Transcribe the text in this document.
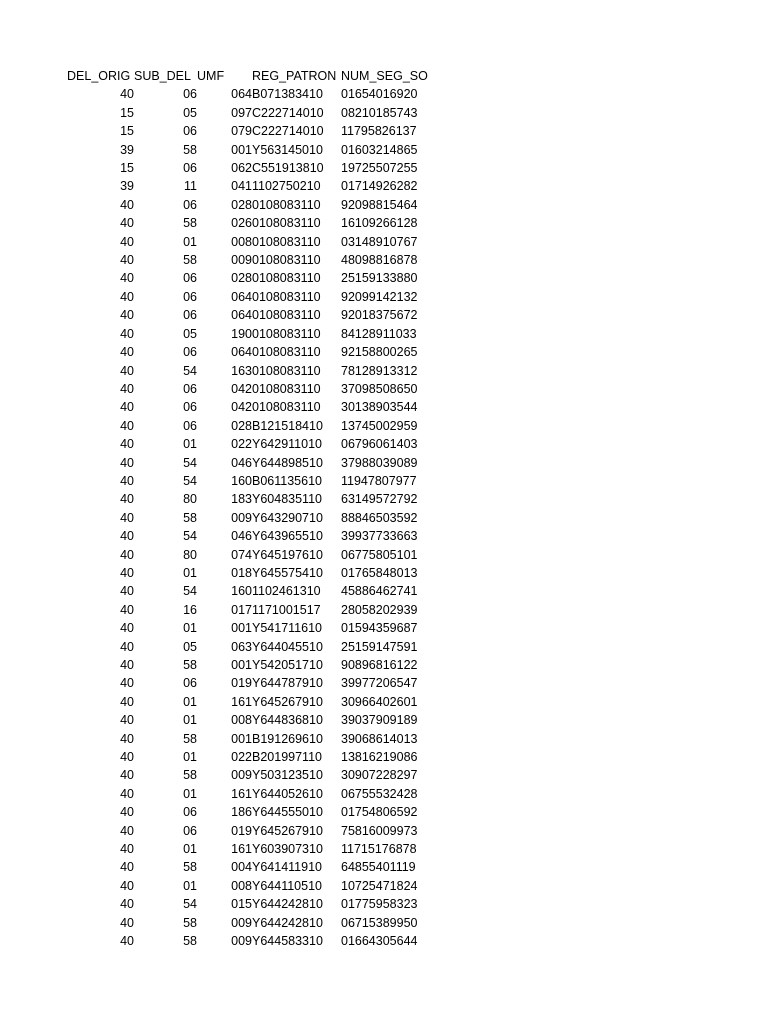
	DEL_ORIG	SUB_DEL	UMF	REG_PATRON	NUM_SEG_SO
	40	06	064	B071383410	01654016920
	15	05	097	C222714010	08210185743
	15	06	079	C222714010	11795826137
	39	58	001	Y563145010	01603214865
	15	06	062	C551913810	19725507255
	39	11	041	1102750210	01714926282
	40	06	028	0108083110	92098815464
	40	58	026	0108083110	16109266128
	40	01	008	0108083110	03148910767
	40	58	009	0108083110	48098816878
	40	06	028	0108083110	25159133880
	40	06	064	0108083110	92099142132
	40	06	064	0108083110	92018375672
	40	05	190	0108083110	84128911033
	40	06	064	0108083110	92158800265
	40	54	163	0108083110	78128913312
	40	06	042	0108083110	37098508650
	40	06	042	0108083110	30138903544
	40	06	028	B121518410	13745002959
	40	01	022	Y642911010	06796061403
	40	54	046	Y644898510	37988039089
	40	54	160	B061135610	11947807977
	40	80	183	Y604835110	63149572792
	40	58	009	Y643290710	88846503592
	40	54	046	Y643965510	39937733663
	40	80	074	Y645197610	06775805101
	40	01	018	Y645575410	01765848013
	40	54	160	1102461310	45886462741
	40	16	017	1171001517	28058202939
	40	01	001	Y541711610	01594359687
	40	05	063	Y644045510	25159147591
	40	58	001	Y542051710	90896816122
	40	06	019	Y644787910	39977206547
	40	01	161	Y645267910	30966402601
	40	01	008	Y644836810	39037909189
	40	58	001	B191269610	39068614013
	40	01	022	B201997110	13816219086
	40	58	009	Y503123510	30907228297
	40	01	161	Y644052610	06755532428
	40	06	186	Y644555010	01754806592
	40	06	019	Y645267910	75816009973
	40	01	161	Y603907310	11715176878
	40	58	004	Y641411910	64855401119
	40	01	008	Y644110510	10725471824
	40	54	015	Y644242810	01775958323
	40	58	009	Y644242810	06715389950
	40	58	009	Y644583310	01664305644
